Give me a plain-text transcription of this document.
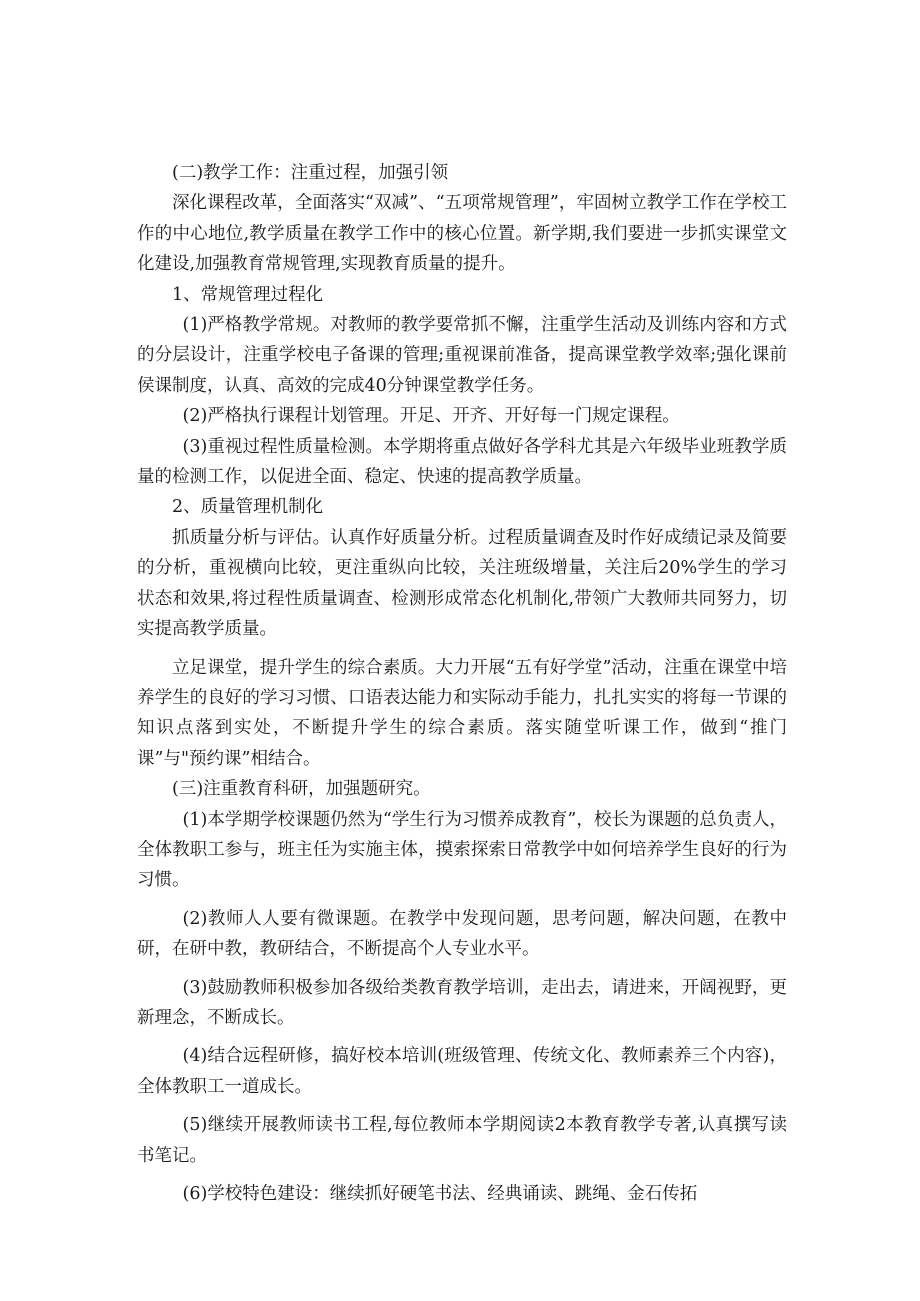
(二)教学工作：注重过程，加强引领

深化课程改革，全面落实“双减”、“五项常规管理”，牢固树立教学工作在学校工作的中心地位,教学质量在教学工作中的核心位置。新学期,我们要进一步抓实课堂文化建设,加强教育常规管理,实现教育质量的提升。

1、常规管理过程化

(1)严格教学常规。对教师的教学要常抓不懈，注重学生活动及训练内容和方式的分层设计，注重学校电子备课的管理;重视课前准备，提高课堂教学效率;强化课前侯课制度，认真、高效的完成40分钟课堂教学任务。

(2)严格执行课程计划管理。开足、开齐、开好每一门规定课程。

(3)重视过程性质量检测。本学期将重点做好各学科尤其是六年级毕业班教学质量的检测工作，以促进全面、稳定、快速的提高教学质量。

2、质量管理机制化

抓质量分析与评估。认真作好质量分析。过程质量调查及时作好成绩记录及简要的分析，重视横向比较，更注重纵向比较，关注班级增量，关注后20%学生的学习状态和效果,将过程性质量调查、检测形成常态化机制化,带领广大教师共同努力，切实提高教学质量。

立足课堂，提升学生的综合素质。大力开展“五有好学堂”活动，注重在课堂中培养学生的良好的学习习惯、口语表达能力和实际动手能力，扎扎实实的将每一节课的知识点落到实处，不断提升学生的综合素质。落实随堂听课工作，做到“推门课”与"预约课”相结合。

(三)注重教育科研，加强题研究。

(1)本学期学校课题仍然为“学生行为习惯养成教育”，校长为课题的总负责人，全体教职工参与，班主任为实施主体，摸索探索日常教学中如何培养学生良好的行为习惯。

(2)教师人人要有微课题。在教学中发现问题，思考问题，解决问题，在教中研，在研中教，教研结合，不断提高个人专业水平。

(3)鼓励教师积极参加各级给类教育教学培训，走出去，请进来，开阔视野，更新理念，不断成长。

(4)结合远程研修，搞好校本培训(班级管理、传统文化、教师素养三个内容)，全体教职工一道成长。

(5)继续开展教师读书工程,每位教师本学期阅读2本教育教学专著,认真撰写读书笔记。

(6)学校特色建设：继续抓好硬笔书法、经典诵读、跳绳、金石传拓
